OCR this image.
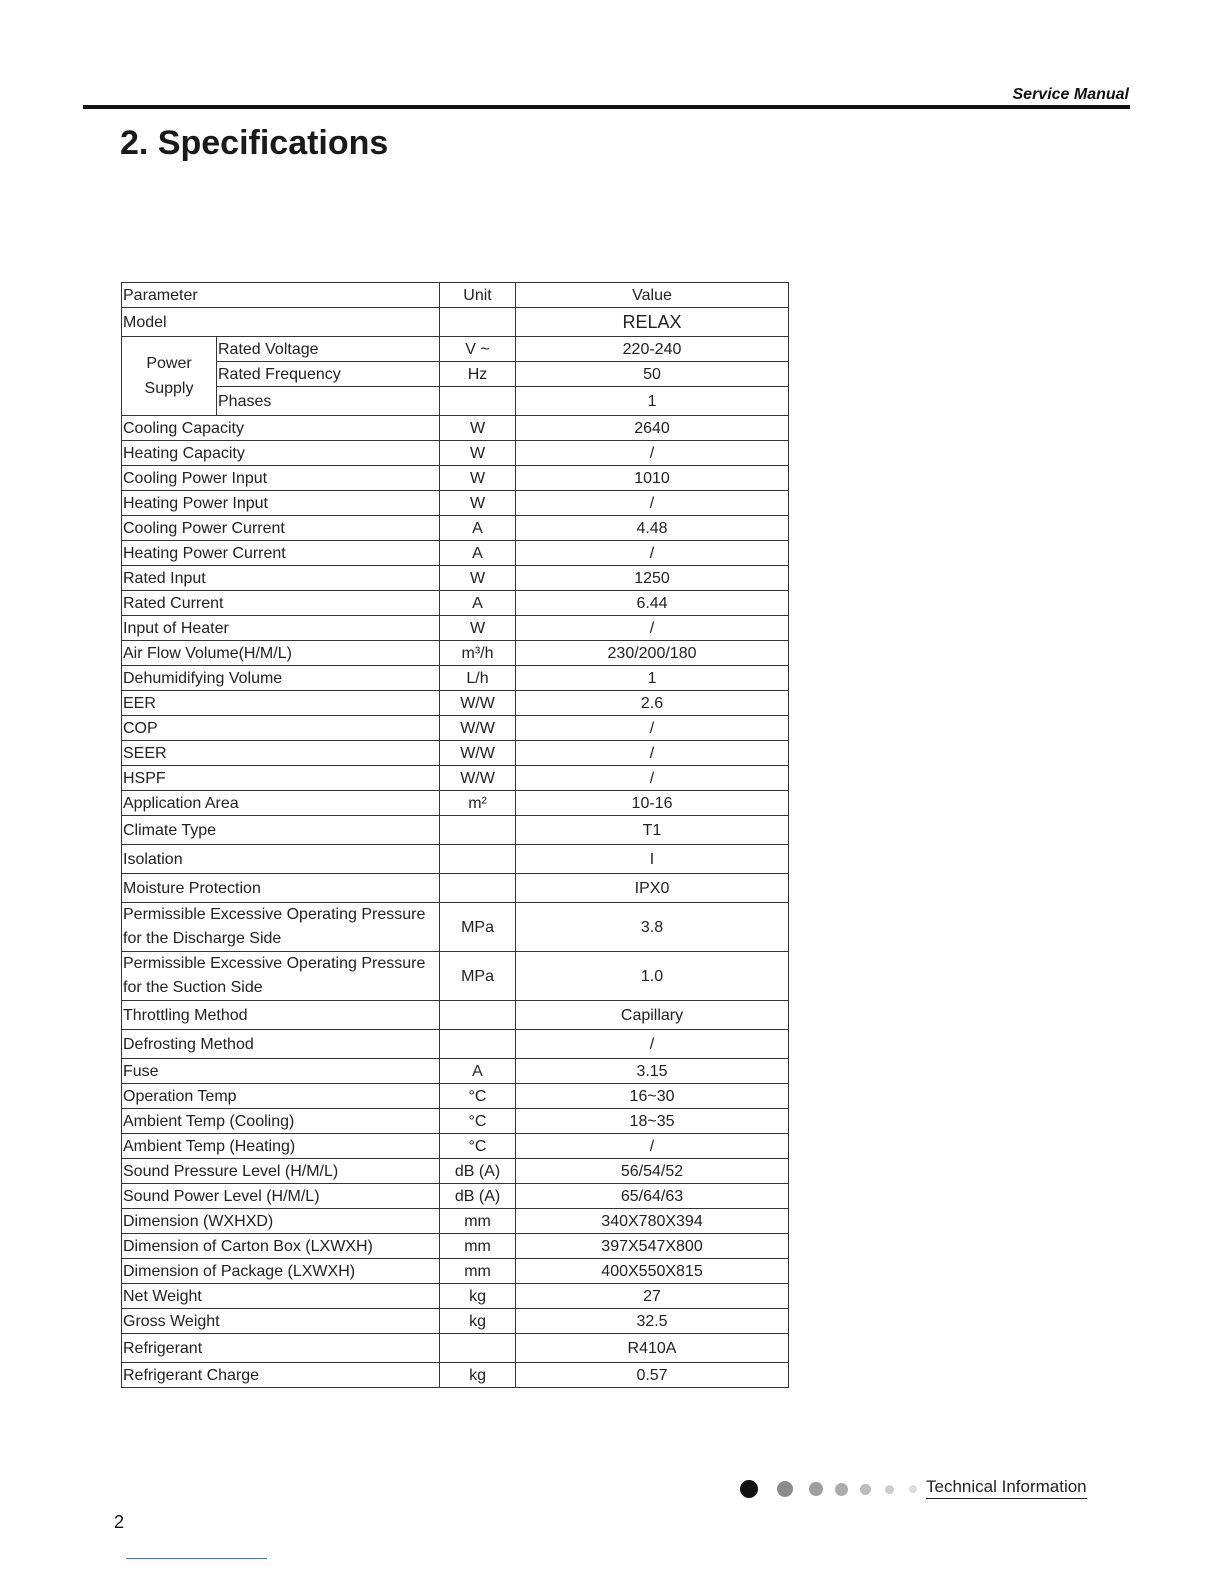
Service Manual
2. Specifications
Parameter		Unit	Value
Model			RELAX
Power
Supply	Rated Voltage	V ~	220-240
	Rated Frequency	Hz	50
	Phases		1
Cooling Capacity		W	2640
Heating Capacity		W	/
Cooling Power Input		W	1010
Heating Power Input		W	/
Cooling Power Current		A	4.48
Heating Power Current		A	/
Rated Input		W	1250
Rated Current		A	6.44
Input of Heater		W	/
Air Flow Volume(H/M/L)		m³/h	230/200/180
Dehumidifying Volume		L/h	1
EER		W/W	2.6
COP		W/W	/
SEER		W/W	/
HSPF		W/W	/
Application Area		m²	10-16
Climate Type			T1
Isolation			I
Moisture Protection			IPX0
Permissible Excessive Operating Pressure for the Discharge Side		MPa	3.8
Permissible Excessive Operating Pressure for the Suction Side		MPa	1.0
Throttling Method			Capillary
Defrosting Method			/
Fuse		A	3.15
Operation Temp		°C	16~30
Ambient Temp (Cooling)		°C	18~35
Ambient Temp (Heating)		°C	/
Sound Pressure Level (H/M/L)		dB (A)	56/54/52
Sound Power Level (H/M/L)		dB (A)	65/64/63
Dimension (WXHXD)		mm	340X780X394
Dimension of Carton Box (LXWXH)		mm	397X547X800
Dimension of Package (LXWXH)		mm	400X550X815
Net Weight		kg	27
Gross Weight		kg	32.5
Refrigerant			R410A
Refrigerant Charge		kg	0.57
Technical Information
2
